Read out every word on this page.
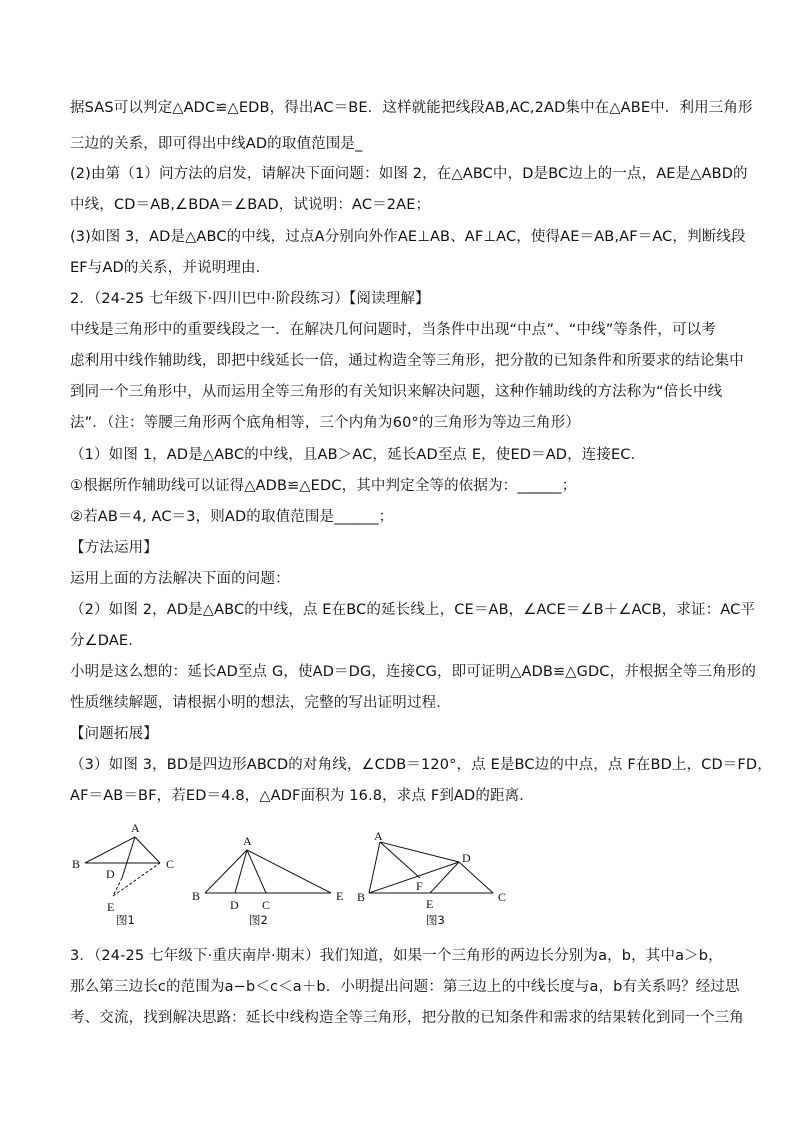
据SAS可以判定△ADC≌△EDB，得出AC＝BE．这样就能把线段AB,AC,2AD集中在△ABE中．利用三角形
三边的关系，即可得出中线AD的取值范围是_
(2)由第（1）问方法的启发，请解决下面问题：如图 2，在△ABC中，D是BC边上的一点，AE是△ABD的
中线，CD＝AB,∠BDA＝∠BAD，试说明：AC＝2AE；
(3)如图 3，AD是△ABC的中线，过点A分别向外作AE⊥AB、AF⊥AC，使得AE＝AB,AF＝AC，判断线段
EF与AD的关系，并说明理由．
2．（24-25 七年级下·四川巴中·阶段练习）【阅读理解】
中线是三角形中的重要线段之一．在解决几何问题时，当条件中出现“中点”、“中线”等条件，可以考
虑利用中线作辅助线，即把中线延长一倍，通过构造全等三角形，把分散的已知条件和所要求的结论集中
到同一个三角形中，从而运用全等三角形的有关知识来解决问题，这种作辅助线的方法称为“倍长中线
法”．（注：等腰三角形两个底角相等，三个内角为60°的三角形为等边三角形）
（1）如图 1，AD是△ABC的中线，且AB＞AC，延长AD至点 E，使ED＝AD，连接EC．
①根据所作辅助线可以证得△ADB≌△EDC，其中判定全等的依据为：______；
②若AB＝4, AC＝3，则AD的取值范围是______；
【方法运用】
运用上面的方法解决下面的问题：
（2）如图 2，AD是△ABC的中线，点 E在BC的延长线上，CE＝AB，∠ACE＝∠B＋∠ACB，求证：AC平
分∠DAE．
小明是这么想的：延长AD至点 G，使AD＝DG，连接CG，即可证明△ADB≌△GDC，并根据全等三角形的
性质继续解题，请根据小明的想法，完整的写出证明过程．
【问题拓展】
（3）如图 3，BD是四边形ABCD的对角线，∠CDB＝120°，点 E是BC边的中点，点 F在BD上，CD＝FD，
AF＝AB＝BF，若ED＝4.8，△ADF面积为 16.8，求点 F到AD的距离．
A
B	C
D
E
图1
A
B
D C
E
图2
A
D
F
B	E	C
图3
3．（24-25 七年级下·重庆南岸·期末）我们知道，如果一个三角形的两边长分别为a，b，其中a＞b，
那么第三边长c的范围为a−b＜c＜a＋b．小明提出问题：第三边上的中线长度与a，b有关系吗？经过思
考、交流，找到解决思路：延长中线构造全等三角形，把分散的已知条件和需求的结果转化到同一个三角
